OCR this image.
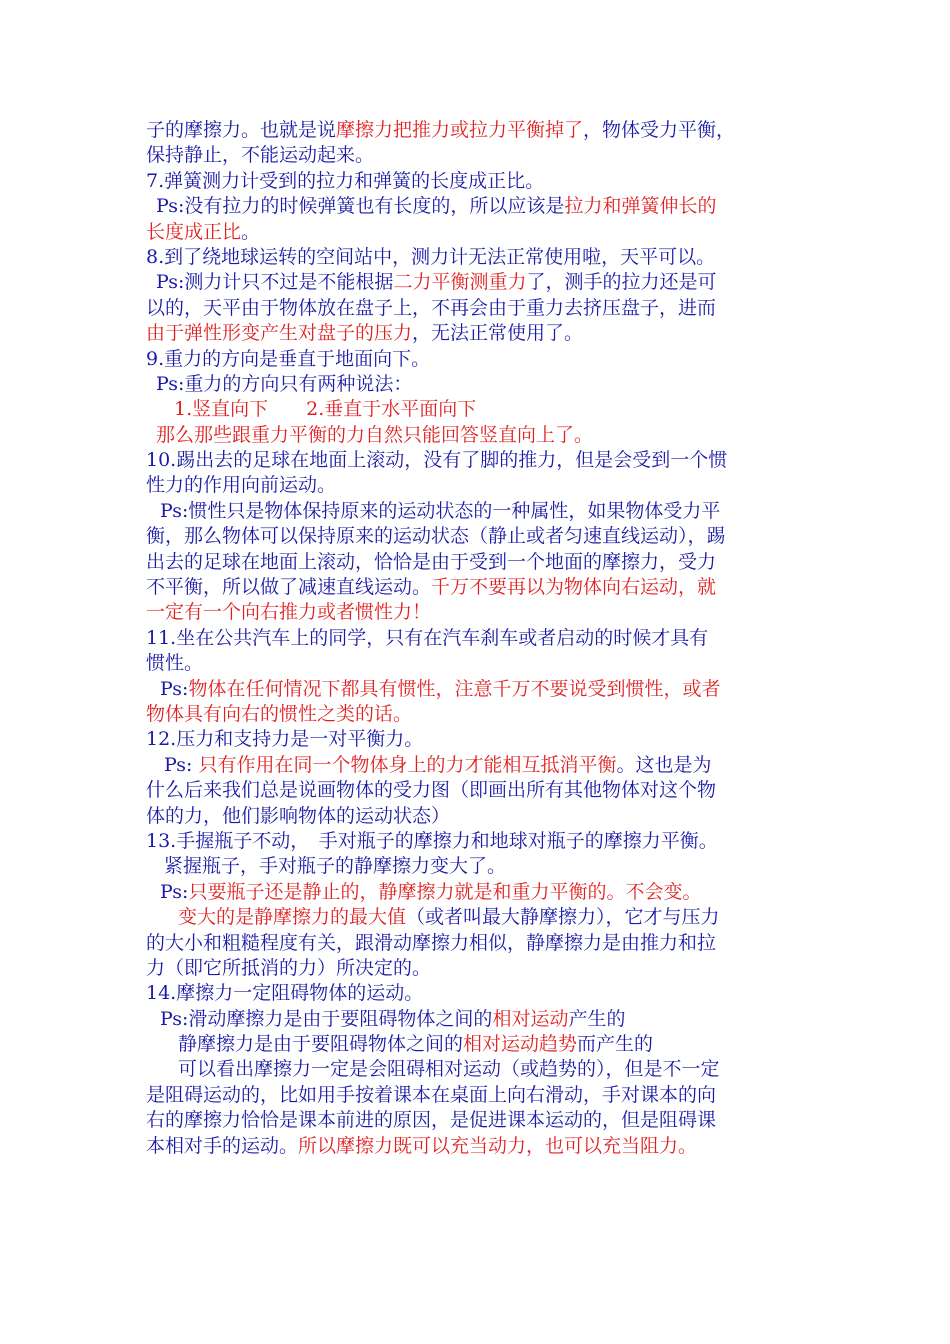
子的摩擦力。也就是说摩擦力把推力或拉力平衡掉了，物体受力平衡，
保持静止，不能运动起来。
7.弹簧测力计受到的拉力和弹簧的长度成正比。
Ps:没有拉力的时候弹簧也有长度的，所以应该是拉力和弹簧伸长的
长度成正比。
8.到了绕地球运转的空间站中，测力计无法正常使用啦，天平可以。
Ps:测力计只不过是不能根据二力平衡测重力了，测手的拉力还是可
以的，天平由于物体放在盘子上，不再会由于重力去挤压盘子，进而
由于弹性形变产生对盘子的压力，无法正常使用了。
9.重力的方向是垂直于地面向下。
Ps:重力的方向只有两种说法：
1.竖直向下　　2.垂直于水平面向下
那么那些跟重力平衡的力自然只能回答竖直向上了。
10.踢出去的足球在地面上滚动，没有了脚的推力，但是会受到一个惯
性力的作用向前运动。
Ps:惯性只是物体保持原来的运动状态的一种属性，如果物体受力平
衡，那么物体可以保持原来的运动状态（静止或者匀速直线运动），踢
出去的足球在地面上滚动，恰恰是由于受到一个地面的摩擦力，受力
不平衡，所以做了减速直线运动。千万不要再以为物体向右运动，就
一定有一个向右推力或者惯性力！
11.坐在公共汽车上的同学，只有在汽车刹车或者启动的时候才具有
惯性。
Ps:物体在任何情况下都具有惯性，注意千万不要说受到惯性，或者
物体具有向右的惯性之类的话。
12.压力和支持力是一对平衡力。
Ps: 只有作用在同一个物体身上的力才能相互抵消平衡。这也是为
什么后来我们总是说画物体的受力图（即画出所有其他物体对这个物
体的力，他们影响物体的运动状态）
13.手握瓶子不动，　手对瓶子的摩擦力和地球对瓶子的摩擦力平衡。
紧握瓶子，手对瓶子的静摩擦力变大了。
Ps:只要瓶子还是静止的，静摩擦力就是和重力平衡的。不会变。
变大的是静摩擦力的最大值（或者叫最大静摩擦力），它才与压力
的大小和粗糙程度有关，跟滑动摩擦力相似，静摩擦力是由推力和拉
力（即它所抵消的力）所决定的。
14.摩擦力一定阻碍物体的运动。
Ps:滑动摩擦力是由于要阻碍物体之间的相对运动产生的
静摩擦力是由于要阻碍物体之间的相对运动趋势而产生的
可以看出摩擦力一定是会阻碍相对运动（或趋势的），但是不一定
是阻碍运动的，比如用手按着课本在桌面上向右滑动，手对课本的向
右的摩擦力恰恰是课本前进的原因，是促进课本运动的，但是阻碍课
本相对手的运动。所以摩擦力既可以充当动力，也可以充当阻力。
